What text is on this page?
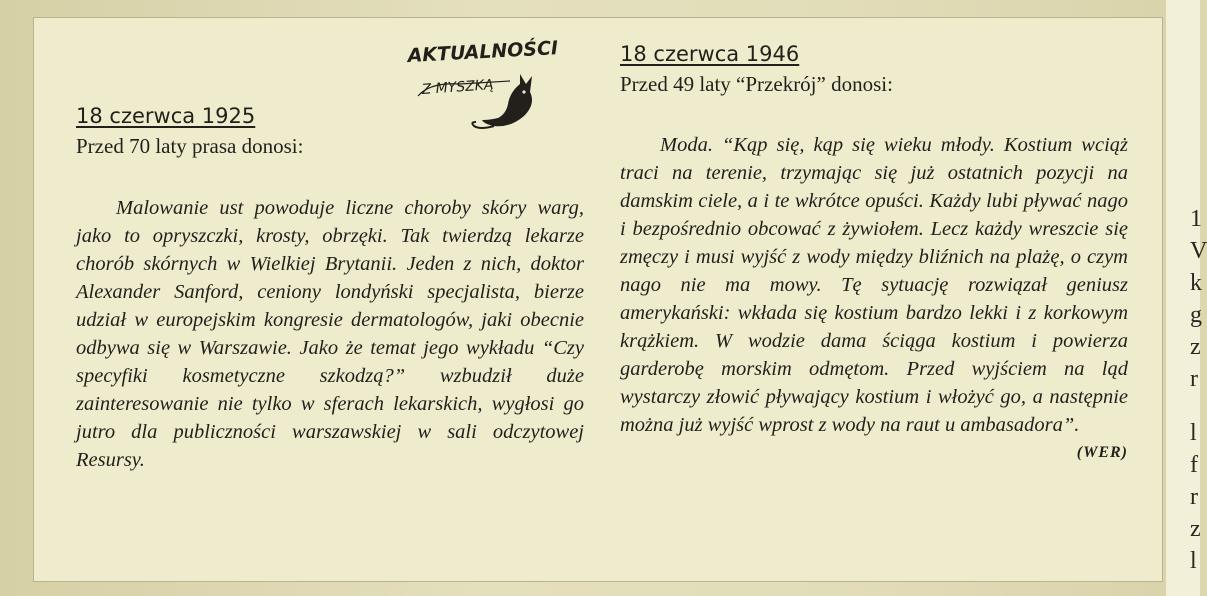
AKTUALNOŚCI
Z MYSZKĄ
18 czerwca 1925
Przed 70 laty prasa donosi:
Malowanie ust powoduje liczne choroby skóry warg, jako to opryszczki, krosty, obrzęki. Tak twierdzą lekarze chorób skórnych w Wielkiej Brytanii. Jeden z nich, doktor Alexander Sanford, ceniony londyński specjalista, bierze udział w europejskim kongresie dermatologów, jaki obecnie odbywa się w Warszawie. Jako że temat jego wykładu “Czy specyfiki kosmetyczne szkodzą?” wzbudził duże zainteresowanie nie tylko w sferach lekarskich, wygłosi go jutro dla publiczności warszawskiej w sali odczytowej Resursy.
18 czerwca 1946
Przed 49 laty “Przekrój” donosi:
Moda. “Kąp się, kąp się wieku młody. Kostium wciąż traci na terenie, trzymając się już ostatnich pozycji na damskim ciele, a i te wkrótce opuści. Każdy lubi pływać nago i bezpośrednio obcować z żywiołem. Lecz każdy wreszcie się zmęczy i musi wyjść z wody między bliźnich na plażę, o czym nago nie ma mowy. Tę sytuację rozwiązał geniusz amerykański: wkłada się kostium bardzo lekki i z korkowym krążkiem. W wodzie dama ściąga kostium i powierza garderobę morskim odmętom. Przed wyjściem na ląd wystarczy złowić pływający kostium i włożyć go, a następnie można już wyjść wprost z wody na raut u ambasadora”.
(WER)
1
V
k
g
z
r
l
f
r
z
l
